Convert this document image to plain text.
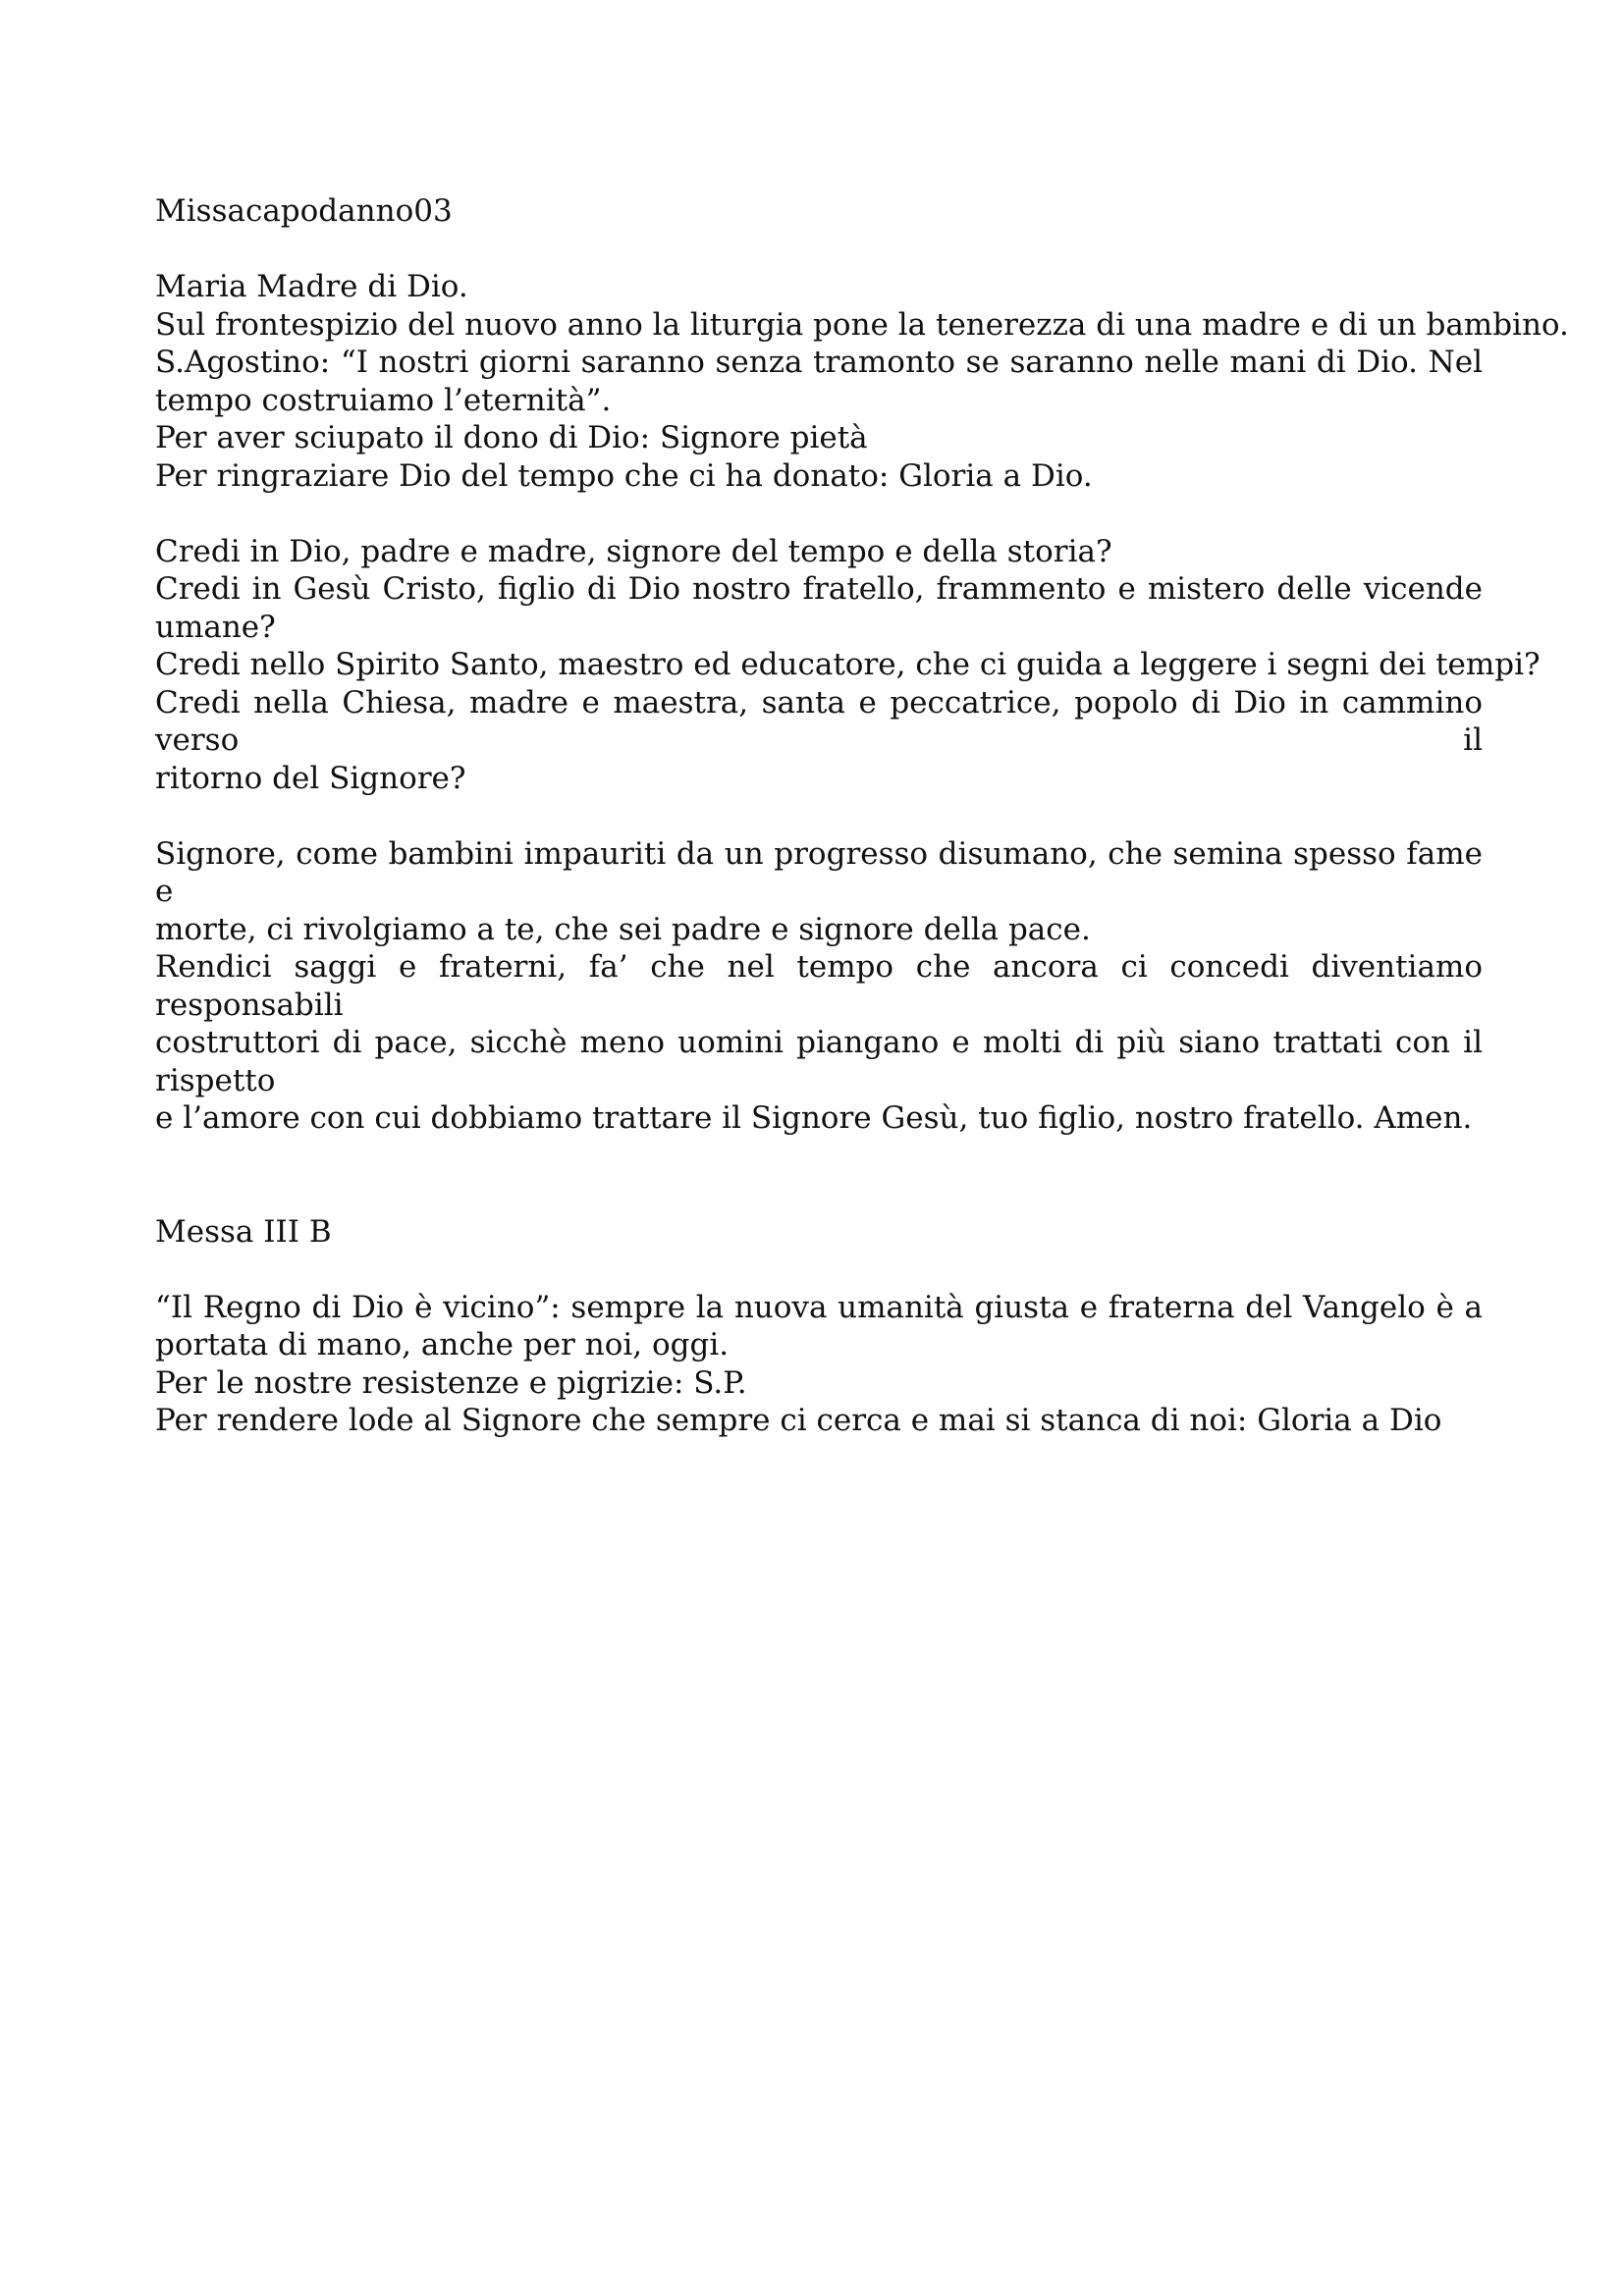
Missacapodanno03
Maria Madre di Dio.
Sul frontespizio del nuovo anno la liturgia pone la tenerezza di una madre e di un bambino.
S.Agostino: “I nostri giorni saranno senza tramonto se saranno nelle mani di Dio. Nel
tempo costruiamo l’eternità”.
Per aver sciupato il dono di Dio: Signore pietà
Per ringraziare Dio del tempo che ci ha donato: Gloria a Dio.
Credi in Dio, padre e madre, signore del tempo e della storia?
Credi in Gesù Cristo, figlio di Dio nostro fratello, frammento e mistero delle vicende
umane?
Credi nello Spirito Santo, maestro ed educatore, che ci guida a leggere i segni dei tempi?
Credi nella Chiesa, madre e maestra, santa e peccatrice, popolo di Dio in cammino verso il
ritorno del Signore?
Signore, come bambini impauriti da un progresso disumano, che semina spesso fame e
morte, ci rivolgiamo a te, che sei padre e signore della pace.
Rendici saggi e fraterni, fa’ che nel tempo che ancora ci concedi diventiamo responsabili
costruttori di pace, sicchè meno uomini piangano e molti di più siano trattati con il rispetto
e l’amore con cui dobbiamo trattare il Signore Gesù, tuo figlio, nostro fratello. Amen.
Messa III B
“Il Regno di Dio è vicino”: sempre la nuova umanità giusta e fraterna del Vangelo è a
portata di mano, anche per noi, oggi.
Per le nostre resistenze e pigrizie: S.P.
Per rendere lode al Signore che sempre ci cerca e mai si stanca di noi: Gloria a Dio
